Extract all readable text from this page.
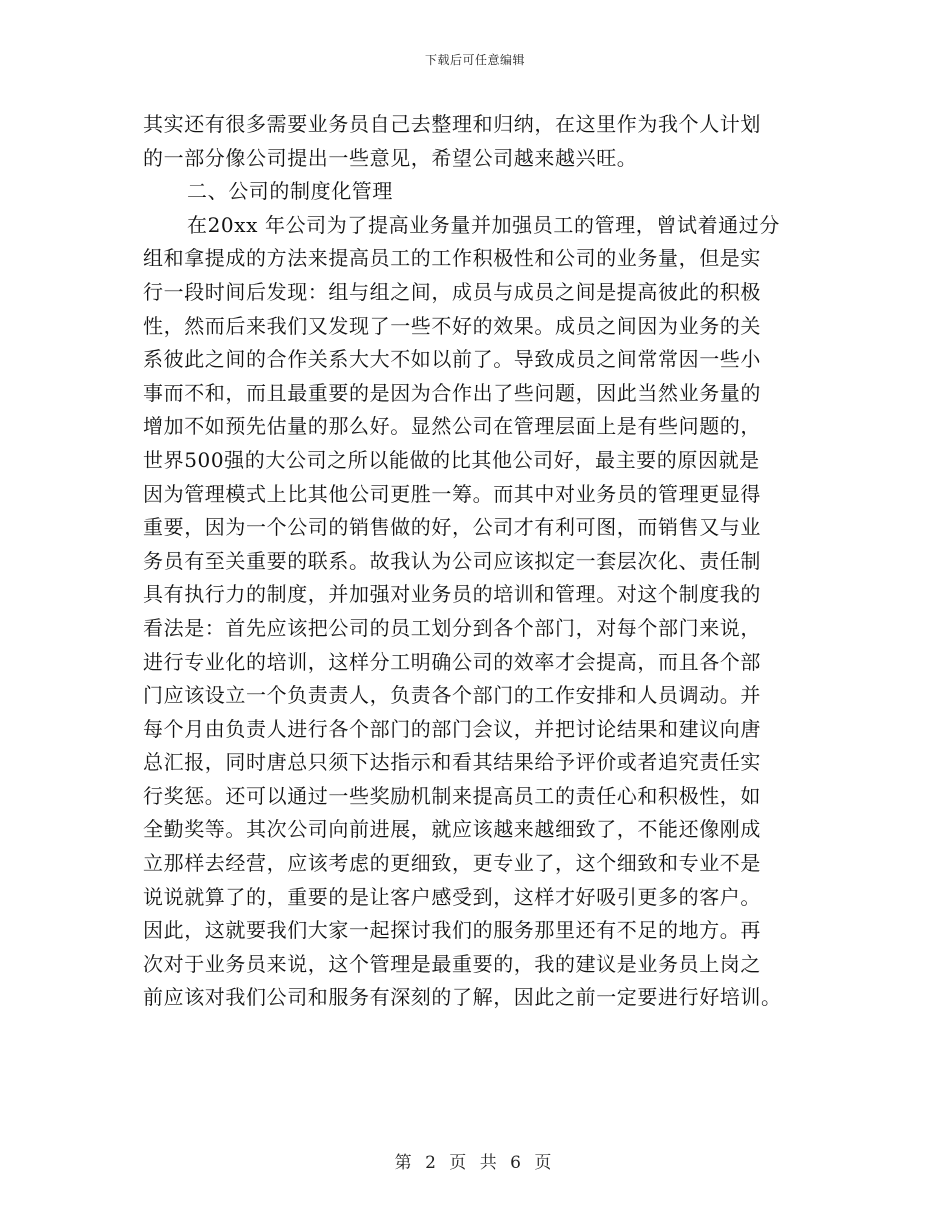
下载后可任意编辑
其实还有很多需要业务员自己去整理和归纳，在这里作为我个人计划
的一部分像公司提出一些意见，希望公司越来越兴旺。
二、公司的制度化管理
在20xx 年公司为了提高业务量并加强员工的管理，曾试着通过分
组和拿提成的方法来提高员工的工作积极性和公司的业务量，但是实
行一段时间后发现：组与组之间，成员与成员之间是提高彼此的积极
性，然而后来我们又发现了一些不好的效果。成员之间因为业务的关
系彼此之间的合作关系大大不如以前了。导致成员之间常常因一些小
事而不和，而且最重要的是因为合作出了些问题，因此当然业务量的
增加不如预先估量的那么好。显然公司在管理层面上是有些问题的，
世界500强的大公司之所以能做的比其他公司好，最主要的原因就是
因为管理模式上比其他公司更胜一筹。而其中对业务员的管理更显得
重要，因为一个公司的销售做的好，公司才有利可图，而销售又与业
务员有至关重要的联系。故我认为公司应该拟定一套层次化、责任制
具有执行力的制度，并加强对业务员的培训和管理。对这个制度我的
看法是：首先应该把公司的员工划分到各个部门，对每个部门来说，
进行专业化的培训，这样分工明确公司的效率才会提高，而且各个部
门应该设立一个负责责人，负责各个部门的工作安排和人员调动。并
每个月由负责人进行各个部门的部门会议，并把讨论结果和建议向唐
总汇报，同时唐总只须下达指示和看其结果给予评价或者追究责任实
行奖惩。还可以通过一些奖励机制来提高员工的责任心和积极性，如
全勤奖等。其次公司向前进展，就应该越来越细致了，不能还像刚成
立那样去经营，应该考虑的更细致，更专业了，这个细致和专业不是
说说就算了的，重要的是让客户感受到，这样才好吸引更多的客户。
因此，这就要我们大家一起探讨我们的服务那里还有不足的地方。再
次对于业务员来说，这个管理是最重要的，我的建议是业务员上岗之
前应该对我们公司和服务有深刻的了解，因此之前一定要进行好培训。
第 2 页 共 6 页
